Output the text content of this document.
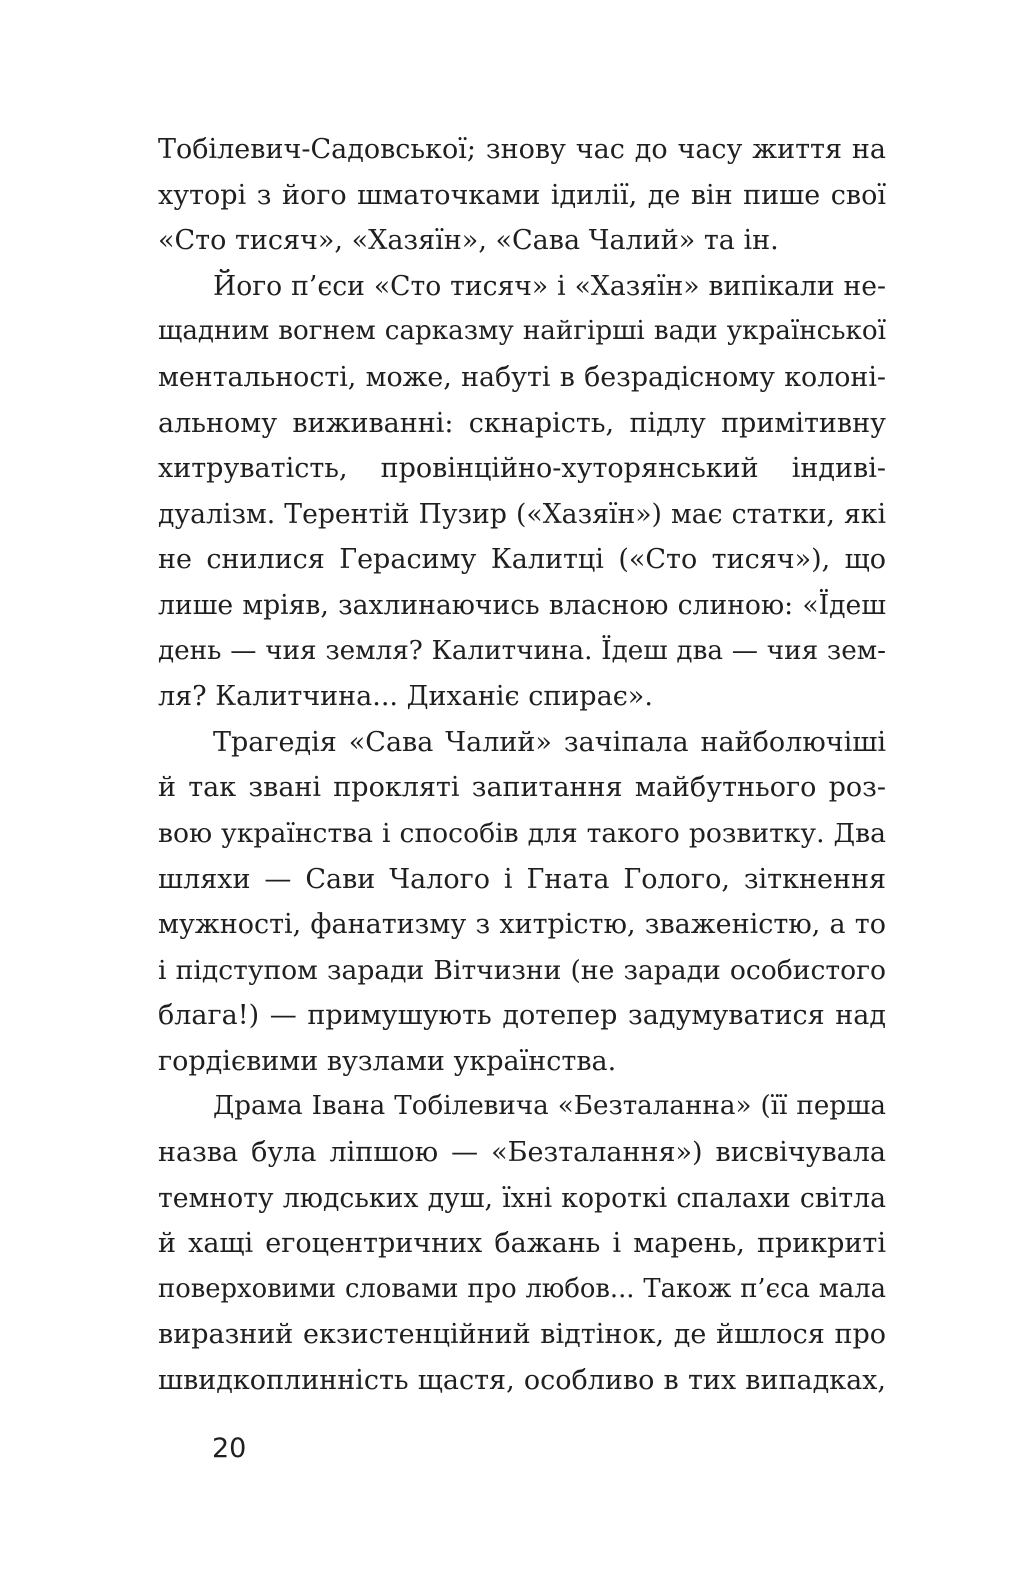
Тобілевич-Садовської; знову час до часу життя на
хуторі з його шматочками ідилії, де він пише свої
«Сто тисяч», «Хазяїн», «Сава Чалий» та ін.
Його п’єси «Сто тисяч» і «Хазяїн» випікали не-
щадним вогнем сарказму найгірші вади української
ментальності, може, набуті в безрадісному колоні-
альному виживанні: скнарість, підлу примітивну
хитруватість, провінційно-хуторянський індиві-
дуалізм. Терентій Пузир («Хазяїн») має статки, які
не снилися Герасиму Калитці («Сто тисяч»), що
лише мріяв, захлинаючись власною слиною: «Їдеш
день — чия земля? Калитчина. Їдеш два — чия зем-
ля? Калитчина... Диханіє спирає».
Трагедія «Сава Чалий» зачіпала найболючіші
й так звані прокляті запитання майбутнього роз-
вою українства і способів для такого розвитку. Два
шляхи — Сави Чалого і Гната Голого, зіткнення
мужності, фанатизму з хитрістю, зваженістю, а то
і підступом заради Вітчизни (не заради особистого
блага!) — примушують дотепер задумуватися над
гордієвими вузлами українства.
Драма Івана Тобілевича «Безталанна» (її перша
назва була ліпшою — «Безталання») висвічувала
темноту людських душ, їхні короткі спалахи світла
й хащі егоцентричних бажань і марень, прикриті
поверховими словами про любов... Також п’єса мала
виразний екзистенційний відтінок, де йшлося про
швидкоплинність щастя, особливо в тих випадках,
20
